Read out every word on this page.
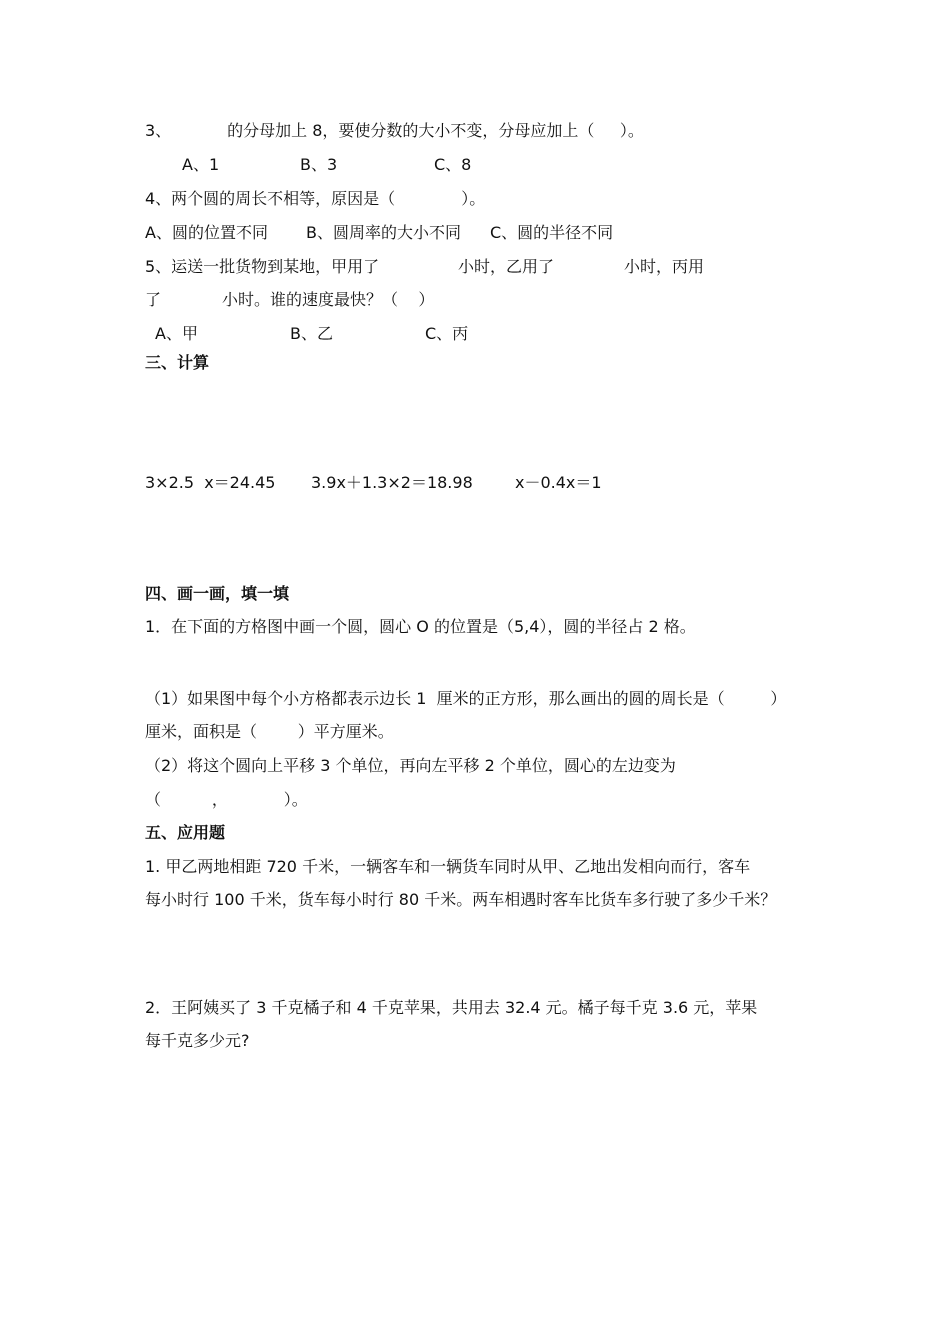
3、           的分母加上 8，要使分数的大小不变，分母应加上（     ）。
A、1	B、3	C、8
4、两个圆的周长不相等，原因是（             ）。
A、圆的位置不同 B、圆周率的大小不同 C、圆的半径不同
5、运送一批货物到某地，甲用了	小时，乙用了	小时，丙用
了	小时。谁的速度最快？（    ）
A、甲	B、乙	C、丙
三、计算
3×2.5  x＝24.45 3.9x＋1.3×2＝18.98	x－0.4x＝1
四、画一画，填一填
1．在下面的方格图中画一个圆，圆心 O 的位置是（5,4），圆的半径占 2 格。
（1）如果图中每个小方格都表示边长 1  厘米的正方形，那么画出的圆的周长是（         ）
厘米，面积是（        ）平方厘米。
（2）将这个圆向上平移 3 个单位，再向左平移 2 个单位，圆心的左边变为
（          ，           ）。
五、应用题
1. 甲乙两地相距 720 千米，一辆客车和一辆货车同时从甲、乙地出发相向而行，客车
每小时行 100 千米，货车每小时行 80 千米。两车相遇时客车比货车多行驶了多少千米？
2．王阿姨买了 3 千克橘子和 4 千克苹果，共用去 32.4 元。橘子每千克 3.6 元，苹果
每千克多少元?
